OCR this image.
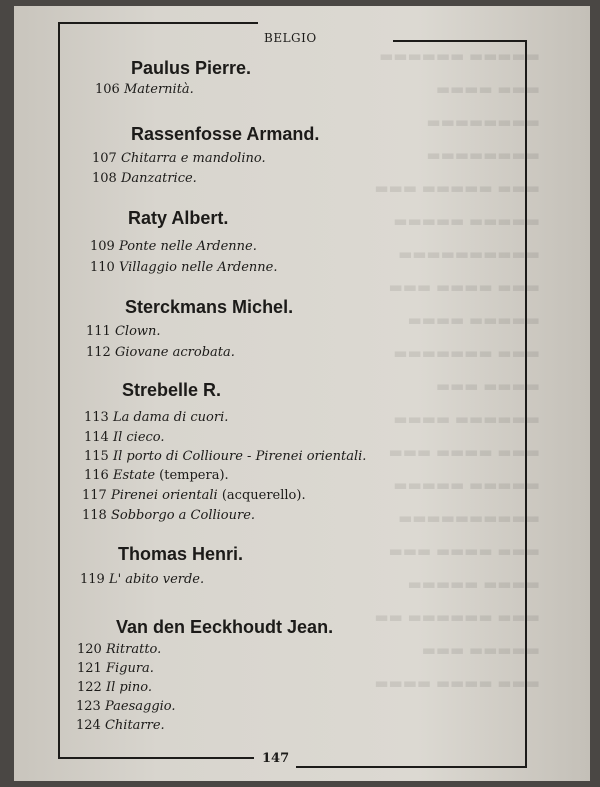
BELGIO
Paulus Pierre.
106 Maternità.
Rassenfosse Armand.
107 Chitarra e mandolino.
108 Danzatrice.
Raty Albert.
109 Ponte nelle Ardenne.
110 Villaggio nelle Ardenne.
Sterckmans Michel.
111 Clown.
112 Giovane acrobata.
Strebelle R.
113 La dama di cuori.
114 Il cieco.
115 Il porto di Collioure - Pirenei orientali.
116 Estate (tempera).
117 Pirenei orientali (acquerello).
118 Sobborgo a Collioure.
Thomas Henri.
119 L' abito verde.
Van den Eeckhoudt Jean.
120 Ritratto.
121 Figura.
122 Il pino.
123 Paesaggio.
124 Chitarre.
147
